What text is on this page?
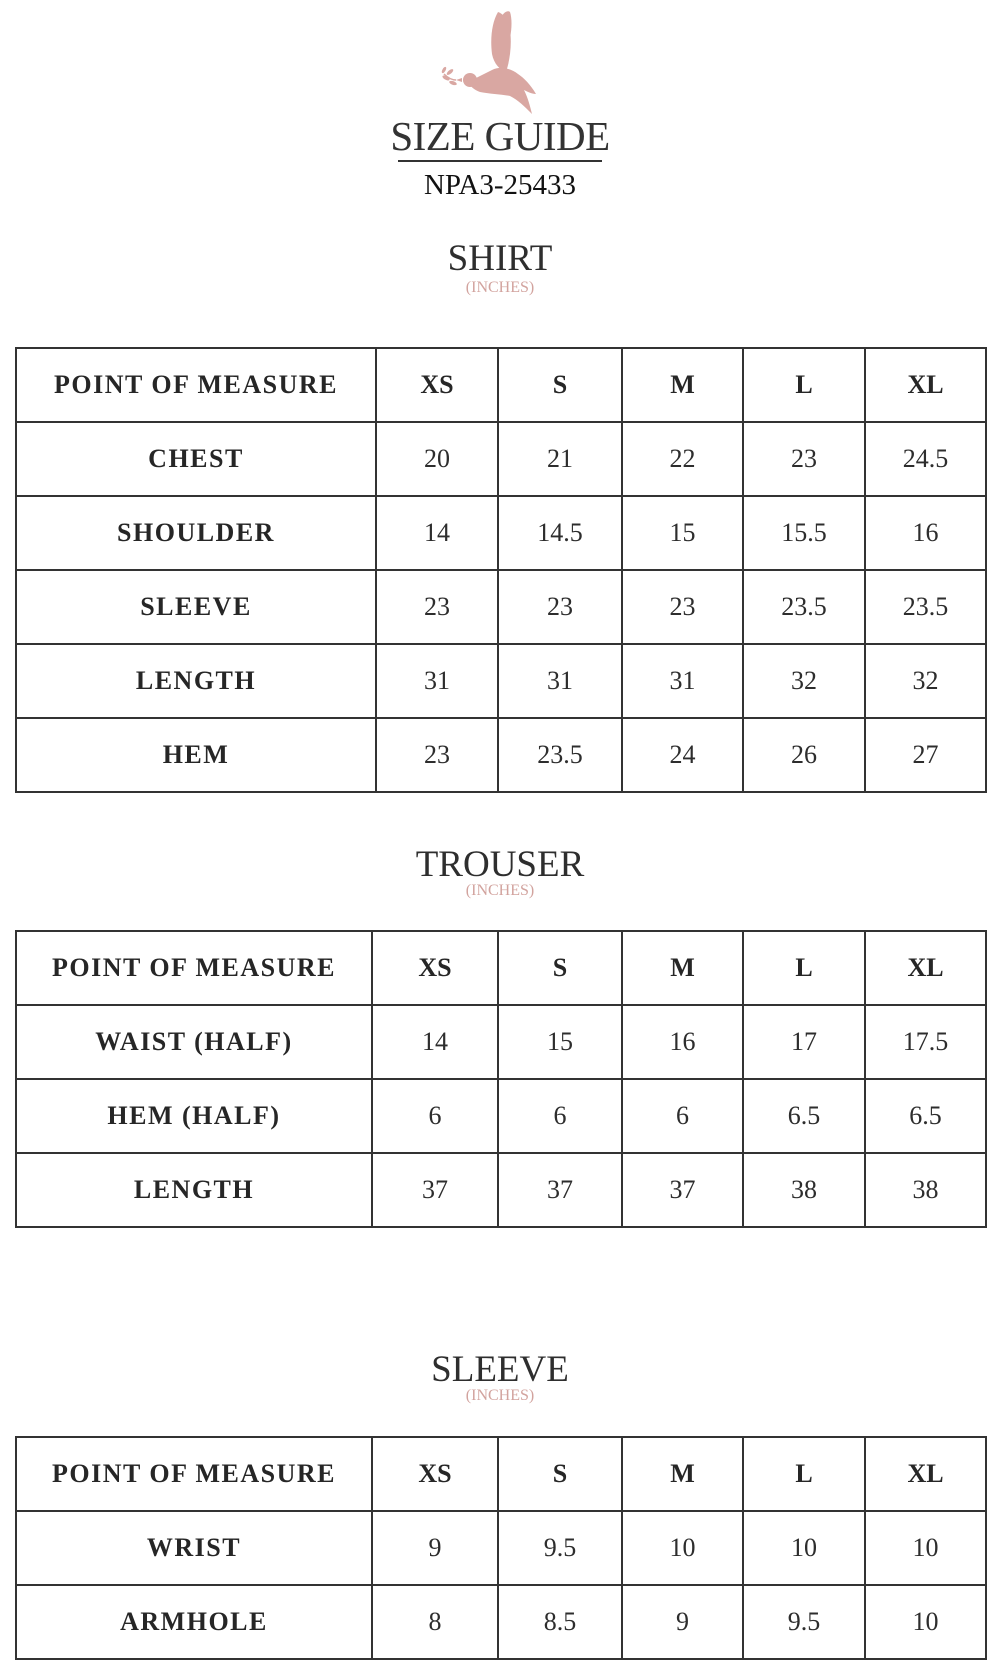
SIZE GUIDE
NPA3-25433
SHIRT
(INCHES)
POINT OF MEASURE	XS	S	M	L	XL
CHEST	20	21	22	23	24.5
SHOULDER	14	14.5	15	15.5	16
SLEEVE	23	23	23	23.5	23.5
LENGTH	31	31	31	32	32
HEM	23	23.5	24	26	27
TROUSER
(INCHES)
POINT OF MEASURE	XS	S	M	L	XL
WAIST (HALF)	14	15	16	17	17.5
HEM (HALF)	6	6	6	6.5	6.5
LENGTH	37	37	37	38	38
SLEEVE
(INCHES)
POINT OF MEASURE	XS	S	M	L	XL
WRIST	9	9.5	10	10	10
ARMHOLE	8	8.5	9	9.5	10
